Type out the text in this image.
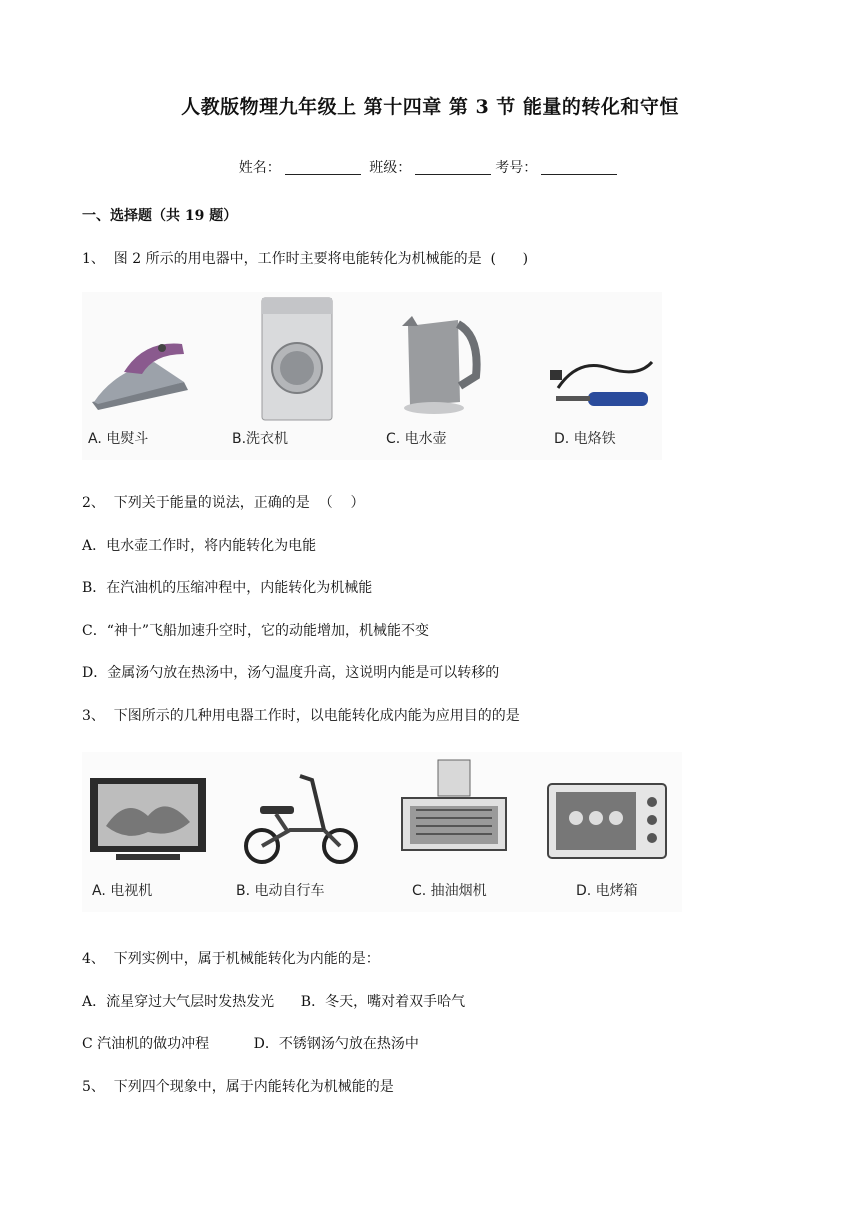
人教版物理九年级上 第十四章 第 3 节 能量的转化和守恒
姓名：	班级：	考号：
一、选择题（共 19 题）
1、  图 2 所示的用电器中，工作时主要将电能转化为机械能的是  (      )
A. 电熨斗	B.洗衣机	C. 电水壶	D. 电烙铁
2、  下列关于能量的说法，正确的是  （    ）
A．电水壶工作时，将内能转化为电能
B．在汽油机的压缩冲程中，内能转化为机械能
C．“神十”飞船加速升空时，它的动能增加，机械能不变
D．金属汤勺放在热汤中，汤勺温度升高，这说明内能是可以转移的
3、  下图所示的几种用电器工作时，以电能转化成内能为应用目的的是
A. 电视机	B. 电动自行车	C. 抽油烟机	D. 电烤箱
4、  下列实例中，属于机械能转化为内能的是：
A．流星穿过大气层时发热发光      B．冬天，嘴对着双手哈气
C 汽油机的做功冲程          D．不锈钢汤勺放在热汤中
5、  下列四个现象中，属于内能转化为机械能的是
